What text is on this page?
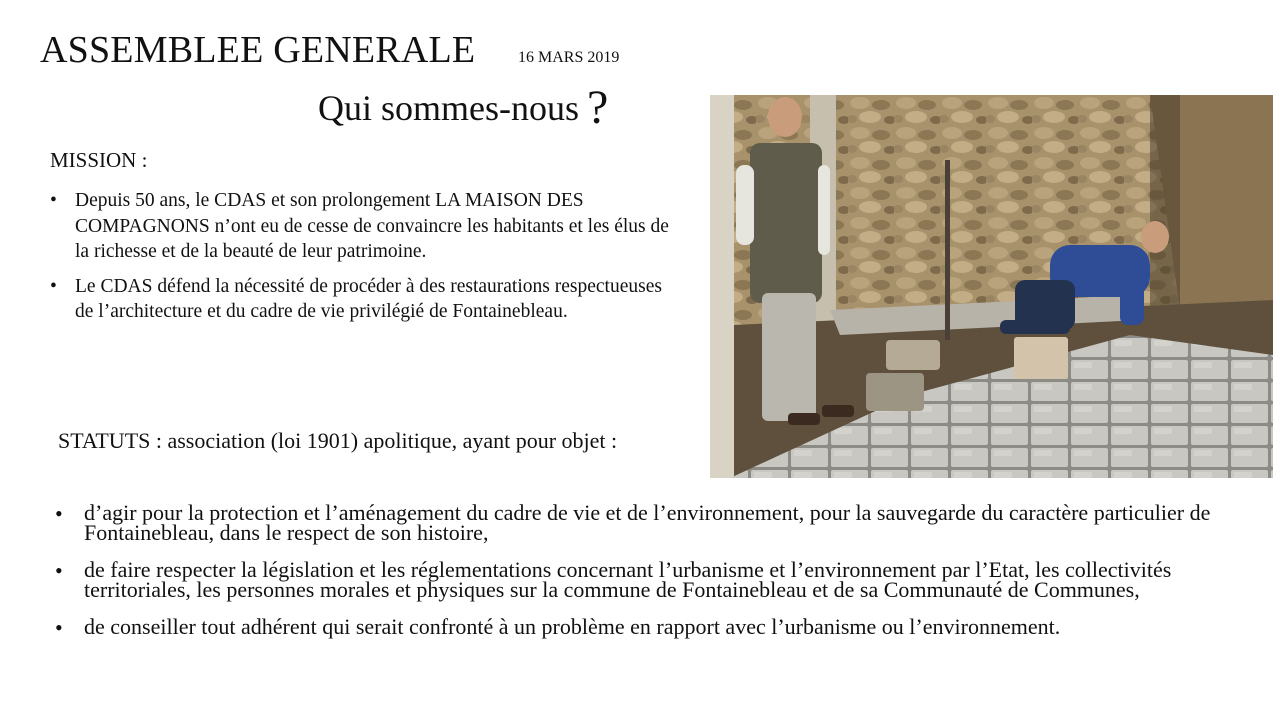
ASSEMBLEE GENERALE	16 MARS 2019
Qui sommes-nous ?
MISSION :
• Depuis 50 ans, le CDAS et son prolongement LA MAISON DES COMPAGNONS n’ont eu de cesse de convaincre les habitants et les élus de la richesse et de la beauté de leur patrimoine.
• Le CDAS défend la nécessité de procéder à des restaurations respectueuses de l’architecture et du cadre de vie privilégié de Fontainebleau.
STATUTS : association (loi 1901) apolitique, ayant pour objet :
• d’agir pour la protection et l’aménagement du cadre de vie et de l’environnement, pour la sauvegarde du caractère particulier de Fontainebleau, dans le respect de son histoire,
• de faire respecter la législation et les réglementations concernant l’urbanisme et l’environnement par l’Etat, les collectivités territoriales, les personnes morales et physiques sur la commune de Fontainebleau et de sa Communauté de Communes,
• de conseiller tout adhérent qui serait confronté à un problème en rapport avec l’urbanisme ou l’environnement.
